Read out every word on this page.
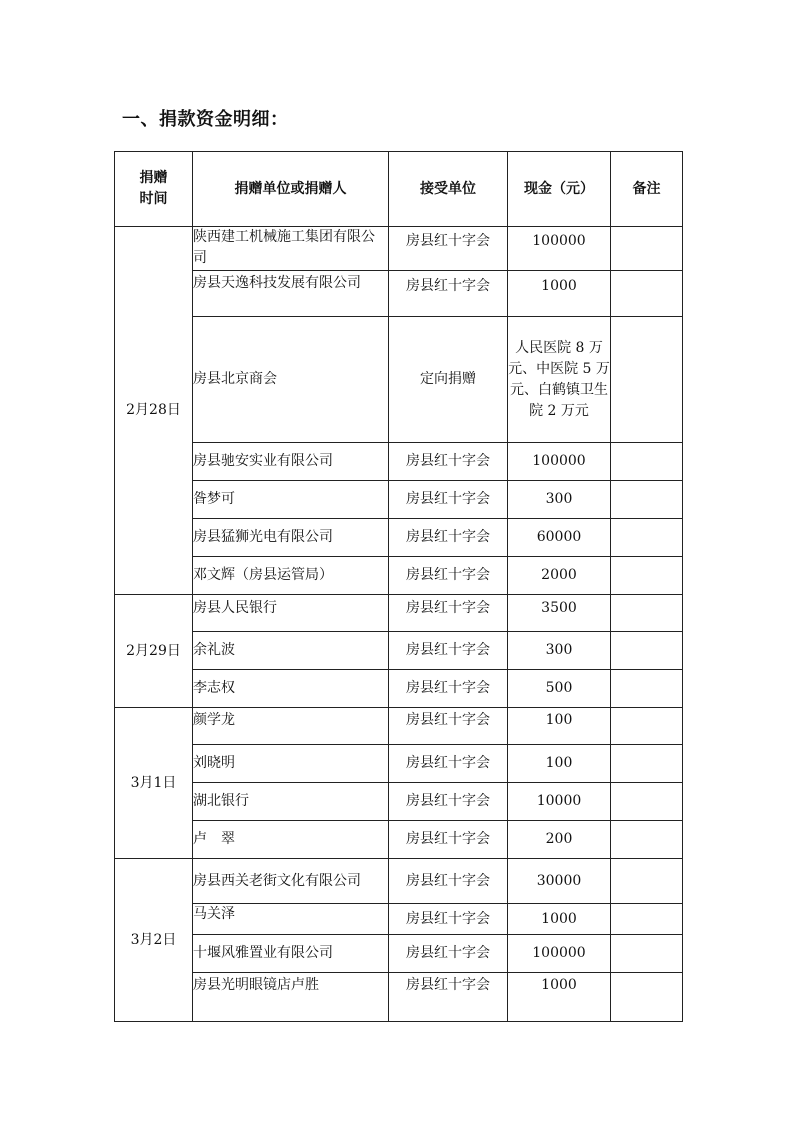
一、捐款资金明细：
捐赠
时间	捐赠单位或捐赠人	接受单位	现金（元）	备注
2月28日	陕西建工机械施工集团有限公司	房县红十字会	100000	
	房县天逸科技发展有限公司	房县红十字会	1000	
	房县北京商会	定向捐赠	人民医院 8 万元、中医院 5 万元、白鹤镇卫生院 2 万元	
	房县驰安实业有限公司	房县红十字会	100000	
	昝梦可	房县红十字会	300	
	房县猛狮光电有限公司	房县红十字会	60000	
	邓文辉（房县运管局）	房县红十字会	2000	
2月29日	房县人民银行	房县红十字会	3500	
	余礼波	房县红十字会	300	
	李志权	房县红十字会	500	
3月1日	颜学龙	房县红十字会	100	
	刘晓明	房县红十字会	100	
	湖北银行	房县红十字会	10000	
	卢　翠	房县红十字会	200	
3月2日	房县西关老街文化有限公司	房县红十字会	30000	
	马关泽	房县红十字会	1000	
	十堰风雅置业有限公司	房县红十字会	100000	
	房县光明眼镜店卢胜	房县红十字会	1000	
